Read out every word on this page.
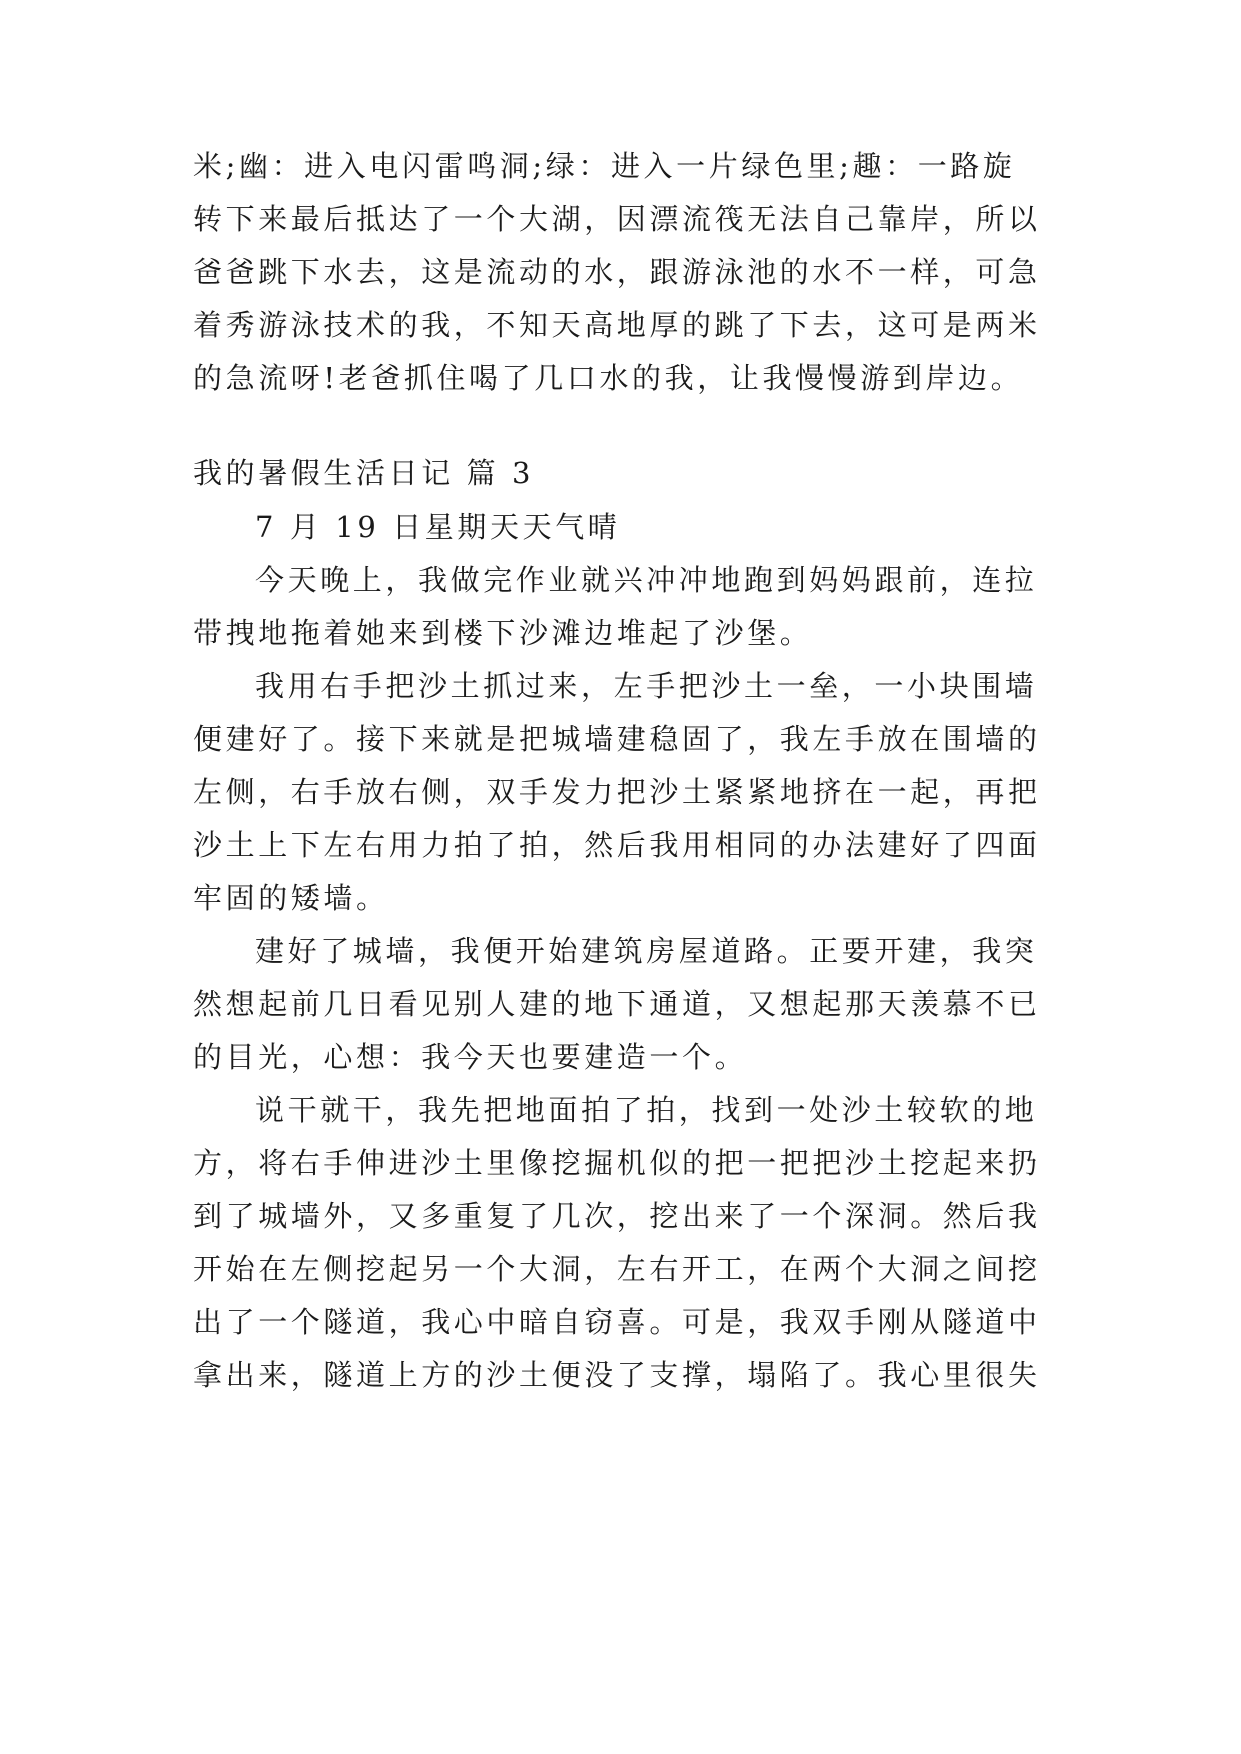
米;幽：进入电闪雷鸣洞;绿：进入一片绿色里;趣：一路旋
转下来最后抵达了一个大湖，因漂流筏无法自己靠岸，所以
爸爸跳下水去，这是流动的水，跟游泳池的水不一样，可急
着秀游泳技术的我，不知天高地厚的跳了下去，这可是两米
的急流呀!老爸抓住喝了几口水的我，让我慢慢游到岸边。
我的暑假生活日记 篇 3
7 月 19 日星期天天气晴
今天晚上，我做完作业就兴冲冲地跑到妈妈跟前，连拉
带拽地拖着她来到楼下沙滩边堆起了沙堡。
我用右手把沙土抓过来，左手把沙土一垒，一小块围墙
便建好了。接下来就是把城墙建稳固了，我左手放在围墙的
左侧，右手放右侧，双手发力把沙土紧紧地挤在一起，再把
沙土上下左右用力拍了拍，然后我用相同的办法建好了四面
牢固的矮墙。
建好了城墙，我便开始建筑房屋道路。正要开建，我突
然想起前几日看见别人建的地下通道，又想起那天羡慕不已
的目光，心想：我今天也要建造一个。
说干就干，我先把地面拍了拍，找到一处沙土较软的地
方，将右手伸进沙土里像挖掘机似的把一把把沙土挖起来扔
到了城墙外，又多重复了几次，挖出来了一个深洞。然后我
开始在左侧挖起另一个大洞，左右开工，在两个大洞之间挖
出了一个隧道，我心中暗自窃喜。可是，我双手刚从隧道中
拿出来，隧道上方的沙土便没了支撑，塌陷了。我心里很失
